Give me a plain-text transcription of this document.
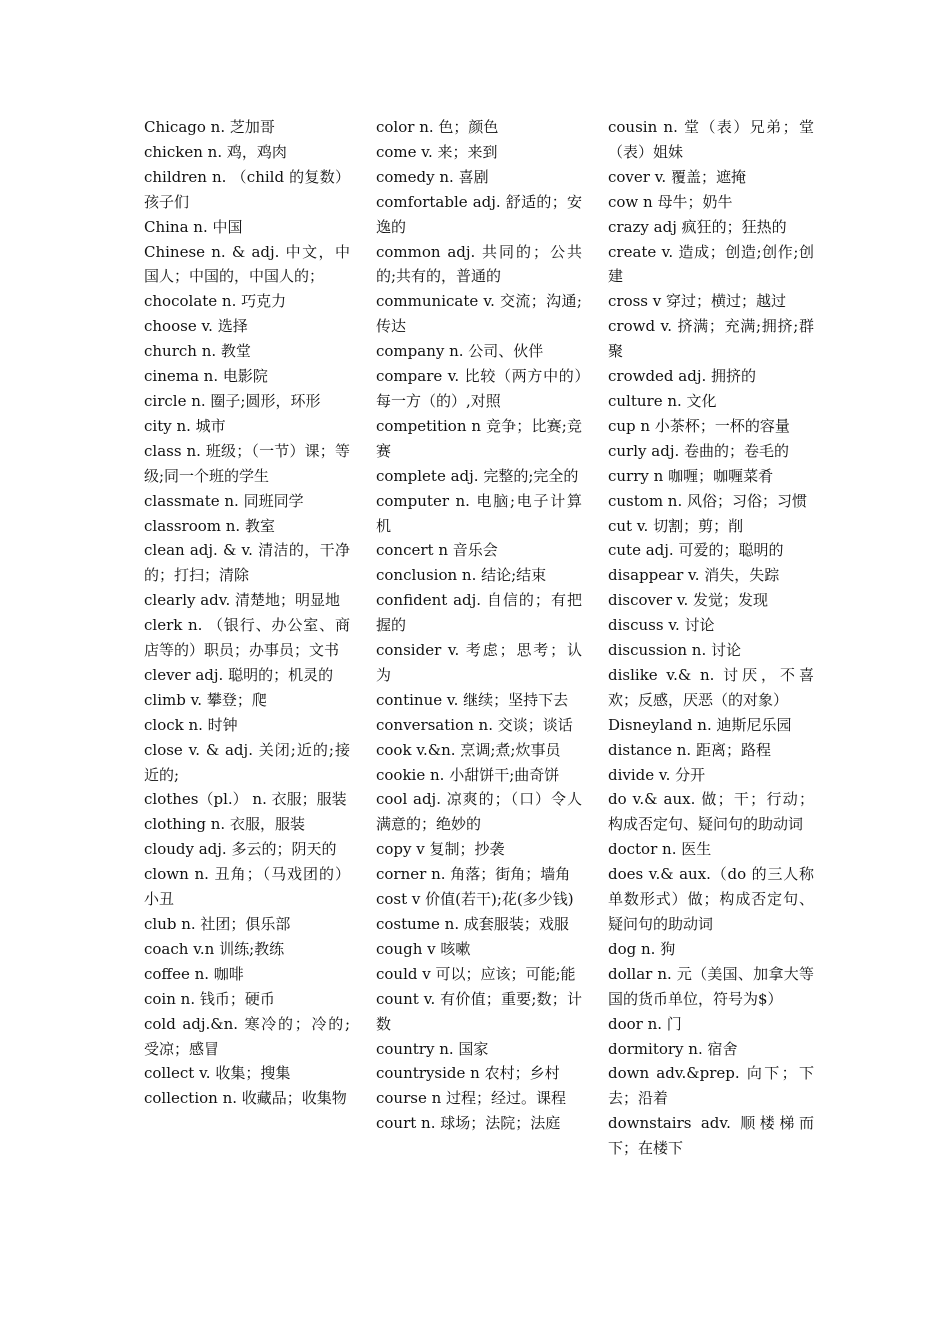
Chicago n. 芝加哥
chicken n. 鸡，鸡肉
children n. （child 的复数）孩子们
China n. 中国
Chinese n. & adj. 中文，中国人；中国的，中国人的；
chocolate n. 巧克力
choose v. 选择
church n. 教堂
cinema n. 电影院
circle n. 圈子;圆形，环形
city n. 城市
class n. 班级；（一节）课；等级;同一个班的学生
classmate n. 同班同学
classroom n. 教室
clean adj. & v. 清洁的，干净的；打扫；清除
clearly adv. 清楚地；明显地
clerk n. （银行、办公室、商店等的）职员；办事员；文书
clever adj. 聪明的；机灵的
climb v. 攀登；爬
clock n. 时钟
close v. & adj. 关闭;近的;接近的;
clothes（pl.） n. 衣服；服装
clothing n. 衣服，服装
cloudy adj. 多云的；阴天的
clown n. 丑角；（马戏团的）小丑
club n. 社团；俱乐部
coach v.n 训练;教练
coffee n. 咖啡
coin n. 钱币；硬币
cold adj.&n. 寒冷的；冷的;受凉；感冒
collect v. 收集；搜集
collection n. 收藏品；收集物
color n. 色；颜色
come v. 来；来到
comedy n. 喜剧
comfortable adj. 舒适的；安逸的
common adj. 共同的；公共的;共有的，普通的
communicate v. 交流；沟通;传达
company n. 公司、伙伴
compare v. 比较（两方中的）每一方（的）,对照
competition n 竞争；比赛;竞赛
complete adj. 完整的;完全的
computer n. 电脑;电子计算机
concert n 音乐会
conclusion n. 结论;结束
confident adj. 自信的；有把握的
consider v. 考虑；思考；认为
continue v. 继续；坚持下去
conversation n. 交谈；谈话
cook v.&n. 烹调;煮;炊事员
cookie n. 小甜饼干;曲奇饼
cool adj. 凉爽的；（口）令人满意的；绝妙的
copy v 复制；抄袭
corner n. 角落；街角；墙角
cost v 价值(若干);花(多少钱)
costume n. 成套服装；戏服
cough v 咳嗽
could v 可以；应该；可能;能
count v. 有价值；重要;数；计数
country n. 国家
countryside n 农村；乡村
course n 过程；经过。课程
court n. 球场；法院；法庭
cousin n. 堂（表）兄弟；堂（表）姐妹
cover v. 覆盖；遮掩
cow n 母牛；奶牛
crazy adj 疯狂的；狂热的
create v. 造成；创造;创作;创建
cross v 穿过；横过；越过
crowd v. 挤满；充满;拥挤;群聚
crowded adj. 拥挤的
culture n. 文化
cup n 小茶杯；一杯的容量
curly adj. 卷曲的；卷毛的
curry n 咖喱；咖喱菜肴
custom n. 风俗；习俗；习惯
cut v. 切割；剪；削
cute adj. 可爱的；聪明的
disappear v. 消失，失踪
discover v. 发觉；发现
discuss v. 讨论
discussion n. 讨论
dislike v.& n. 讨厌，不喜欢；反感，厌恶（的对象）
Disneyland n. 迪斯尼乐园
distance n. 距离；路程
divide v. 分开
do v.& aux. 做；干；行动；构成否定句、疑问句的助动词
doctor n. 医生
does v.& aux.（do 的三人称单数形式）做；构成否定句、疑问句的助动词
dog n. 狗
dollar n. 元（美国、加拿大等国的货币单位，符号为$）
door n. 门
dormitory n. 宿舍
down adv.&prep. 向下；下去；沿着
downstairs adv. 顺楼梯而下；在楼下
